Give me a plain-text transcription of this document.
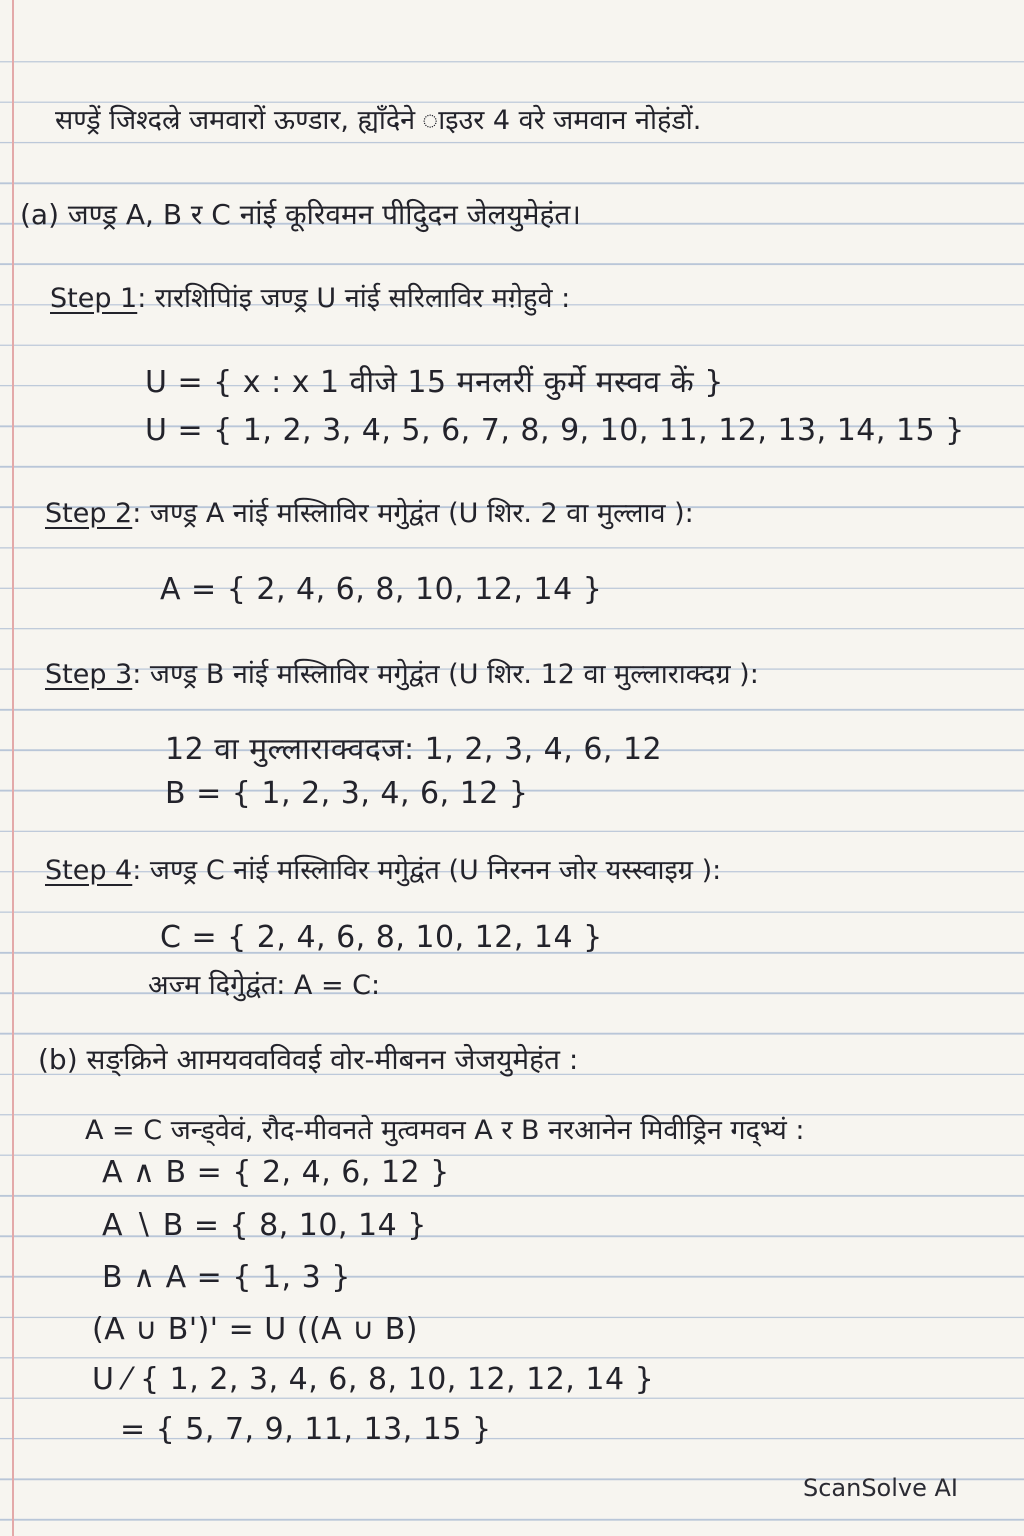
सण्ड्रें जिश्दल्रे जमवारों ऊण्डार, ह्याँदेने ाइउर 4 वरे जमवान नोहंडों.
(a) जण्ड्र A, B र C नांई कूरिवमन पीदिुदन जेलयुमेहंत।
Step 1: रारशिपिांइ जण्ड्र U नांई सरिलाविर मग़ेहुवे :
U = { x : x 1 वीजे 15 मनलरीं कुर्मे मस्वव कें }
U = { 1, 2, 3, 4, 5, 6, 7, 8, 9, 10, 11, 12, 13, 14, 15 }
Step 2: जण्ड्र A नांई मस्लिाविर मगेुद्वंत (U शिर. 2 वा मुल्लाव ):
A = { 2, 4, 6, 8, 10, 12, 14 }
Step 3: जण्ड्र B नांई मस्लिाविर मगेुद्वंत (U शिर. 12 वा मुल्लाराक्दग्र ):
12 वा मुल्लाराक्वदज: 1, 2, 3, 4, 6, 12
B = { 1, 2, 3, 4, 6, 12 }
Step 4: जण्ड्र C नांई मस्लिाविर मगेुद्वंत (U निरनन जोर यस्स्वाइग्र ):
C = { 2, 4, 6, 8, 10, 12, 14 }
अज्म दिगेुद्वंत: A = C:
(b) सङ्क्रिने आमयववविवई वोर-मीबनन जेजयुमेहंत :
A = C जन्ड्वेवं, रौद-मीवनते मुत्वमवन A र B नरआनेन मिवीड्रिन गद्भ्यं :
A ∧ B = { 2, 4, 6, 12 }
A ∖ B = { 8, 10, 14 }
B ∧ A = { 1, 3 }
(A ∪ B')' = U ((A ∪ B)
U ⁄ { 1, 2, 3, 4, 6, 8, 10, 12, 12, 14 }
= { 5, 7, 9, 11, 13, 15 }
ScanSolve AI
